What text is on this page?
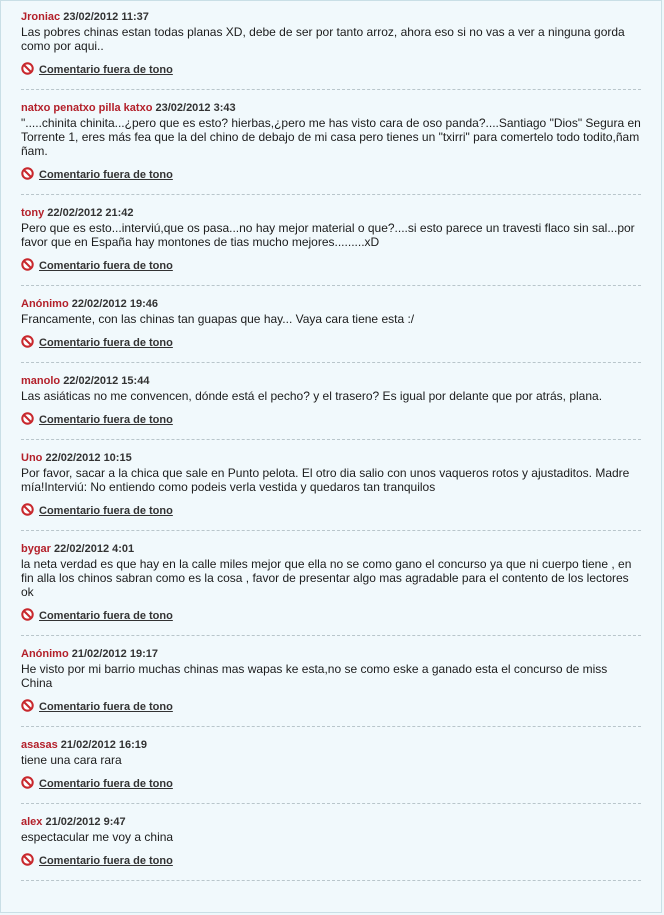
Jroniac 23/02/2012 11:37
Las pobres chinas estan todas planas XD, debe de ser por tanto arroz, ahora eso si no vas a ver a ninguna gorda como por aqui..
Comentario fuera de tono
natxo penatxo pilla katxo 23/02/2012 3:43
".....chinita chinita...¿pero que es esto? hierbas,¿pero me has visto cara de oso panda?....Santiago "Dios" Segura en Torrente 1, eres más fea que la del chino de debajo de mi casa pero tienes un "txirri" para comertelo todo todito,ñam ñam.
Comentario fuera de tono
tony 22/02/2012 21:42
Pero que es esto...interviú,que os pasa...no hay mejor material o que?....si esto parece un travesti flaco sin sal...por favor que en España hay montones de tias mucho mejores.........xD
Comentario fuera de tono
Anónimo 22/02/2012 19:46
Francamente, con las chinas tan guapas que hay... Vaya cara tiene esta :/
Comentario fuera de tono
manolo 22/02/2012 15:44
Las asiáticas no me convencen, dónde está el pecho? y el trasero? Es igual por delante que por atrás, plana.
Comentario fuera de tono
Uno 22/02/2012 10:15
Por favor, sacar a la chica que sale en Punto pelota. El otro dia salio con unos vaqueros rotos y ajustaditos. Madre mía!Interviú: No entiendo como podeis verla vestida y quedaros tan tranquilos
Comentario fuera de tono
bygar 22/02/2012 4:01
la neta verdad es que hay en la calle miles mejor que ella no se como gano el concurso ya que ni cuerpo tiene , en fin alla los chinos sabran como es la cosa , favor de presentar algo mas agradable para el contento de los lectores ok
Comentario fuera de tono
Anónimo 21/02/2012 19:17
He visto por mi barrio muchas chinas mas wapas ke esta,no se como eske a ganado esta el concurso de miss China
Comentario fuera de tono
asasas 21/02/2012 16:19
tiene una cara rara
Comentario fuera de tono
alex 21/02/2012 9:47
espectacular me voy a china
Comentario fuera de tono
